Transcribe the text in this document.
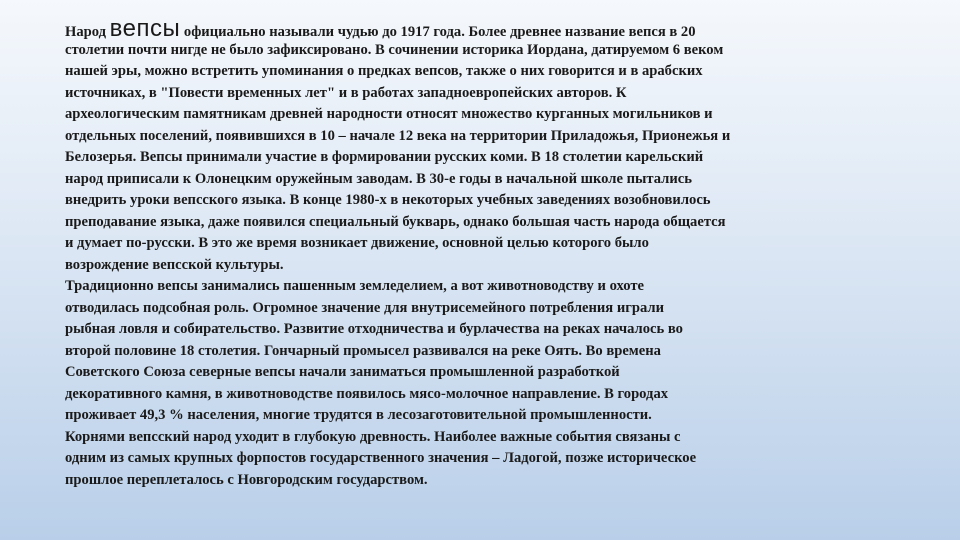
Народ вепсы официально называли чудью до 1917 года. Более древнее название вепся в 20
столетии почти нигде не было зафиксировано. В сочинении историка Иордана, датируемом 6 веком
нашей эры, можно встретить упоминания о предках вепсов, также о них говорится и в арабских
источниках, в "Повести временных лет" и в работах западноевропейских авторов. К
археологическим памятникам древней народности относят множество курганных могильников и
отдельных поселений, появившихся в 10 – начале 12 века на территории Приладожья, Прионежья и
Белозерья. Вепсы принимали участие в формировании русских коми. В 18 столетии карельский
народ приписали к Олонецким оружейным заводам. В 30-е годы в начальной школе пытались
внедрить уроки вепсского языка. В конце 1980-х в некоторых учебных заведениях возобновилось
преподавание языка, даже появился специальный букварь, однако большая часть народа общается
и думает по-русски. В это же время возникает движение, основной целью которого было
возрождение вепсской культуры.
Традиционно вепсы занимались пашенным земледелием, а вот животноводству и охоте
отводилась подсобная роль. Огромное значение для внутрисемейного потребления играли
рыбная ловля и собирательство. Развитие отходничества и бурлачества на реках началось во
второй половине 18 столетия. Гончарный промысел развивался на реке Оять. Во времена
Советского Союза северные вепсы начали заниматься промышленной разработкой
декоративного камня, в животноводстве появилось мясо-молочное направление. В городах
проживает 49,3 % населения, многие трудятся в лесозаготовительной промышленности.
Корнями вепсский народ уходит в глубокую древность. Наиболее важные события связаны с
одним из самых крупных форпостов государственного значения – Ладогой, позже историческое
прошлое переплеталось с Новгородским государством.
